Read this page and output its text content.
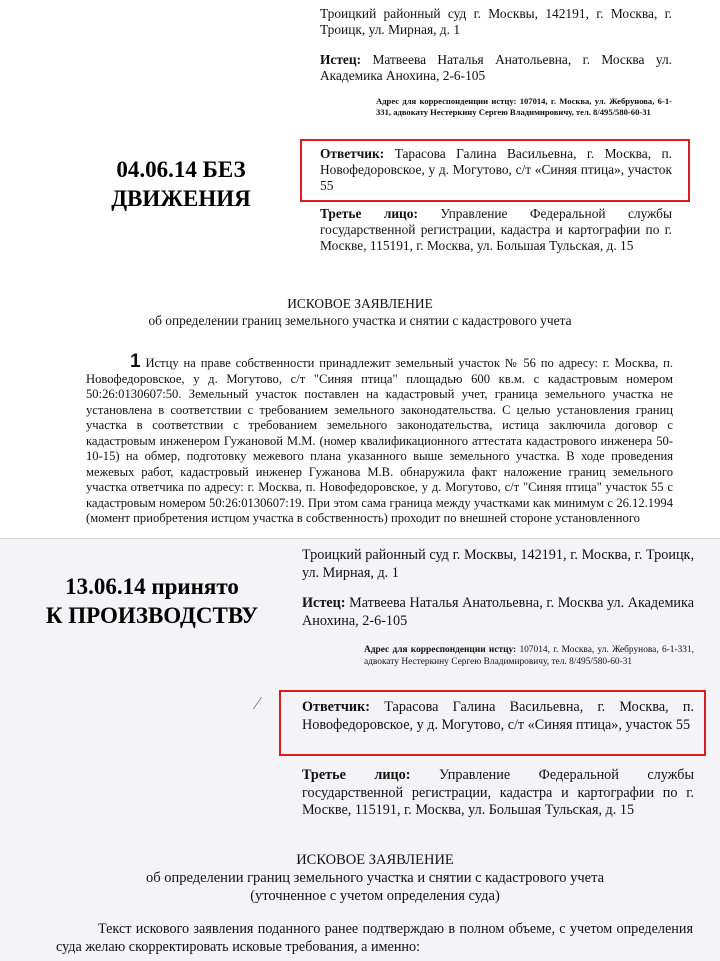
04.06.14 БЕЗ
ДВИЖЕНИЯ
Троицкий районный суд г. Москвы, 142191, г. Москва, г. Троицк, ул. Мирная, д. 1
Истец: Матвеева Наталья Анатольевна, г. Москва ул. Академика Анохина, 2-6-105
Адрес для корреспонденции истцу: 107014, г. Москва, ул. Жебрунова, 6-1-331, адвокату Нестеркину Сергею Владимировичу, тел. 8/495/580-60-31
Ответчик: Тарасова Галина Васильевна, г. Москва, п. Новофедоровское, у д. Могутово, с/т «Синяя птица», участок 55
Третье лицо: Управление Федеральной службы государственной регистрации, кадастра и картографии по г. Москве, 115191, г. Москва, ул. Большая Тульская, д. 15
ИСКОВОЕ ЗАЯВЛЕНИЕ
об определении границ земельного участка и снятии с кадастрового учета
1 Истцу на праве собственности принадлежит земельный участок № 56 по адресу: г. Москва, п. Новофедоровское, у д. Могутово, с/т "Синяя птица" площадью 600 кв.м. с кадастровым номером 50:26:0130607:50. Земельный участок поставлен на кадастровый учет, граница земельного участка не установлена в соответствии с требованием земельного законодательства. С целью установления границ участка в соответствии с требованием земельного законодательства, истица заключила договор с кадастровым инженером Гужановой М.М. (номер квалификационного аттестата кадастрового инженера 50-10-15) на обмер, подготовку межевого плана указанного выше земельного участка. В ходе проведения межевых работ, кадастровый инженер Гужанова М.В. обнаружила факт наложение границ земельного участка ответчика по адресу: г. Москва, п. Новофедоровское, у д. Могутово, с/т "Синяя птица" участок 55 с кадастровым номером 50:26:0130607:19. При этом сама граница между участками как минимум с 26.12.1994 (момент приобретения истцом участка в собственность) проходит по внешней стороне установленного
13.06.14 принято
К ПРОИЗВОДСТВУ
Троицкий районный суд г. Москвы, 142191, г. Москва, г. Троицк, ул. Мирная, д. 1
Истец: Матвеева Наталья Анатольевна, г. Москва ул. Академика Анохина, 2-6-105
Адрес для корреспонденции истцу: 107014, г. Москва, ул. Жебрунова, 6-1-331, адвокату Нестеркину Сергею Владимировичу, тел. 8/495/580-60-31
⁄	Ответчик: Тарасова Галина Васильевна, г. Москва, п. Новофедоровское, у д. Могутово, с/т «Синяя птица», участок 55
Третье лицо: Управление Федеральной службы государственной регистрации, кадастра и картографии по г. Москве, 115191, г. Москва, ул. Большая Тульская, д. 15
ИСКОВОЕ ЗАЯВЛЕНИЕ
об определении границ земельного участка и снятии с кадастрового учета
(уточненное с учетом определения суда)
Текст искового заявления поданного ранее подтверждаю в полном объеме, с учетом определения суда желаю скорректировать исковые требования, а именно:
